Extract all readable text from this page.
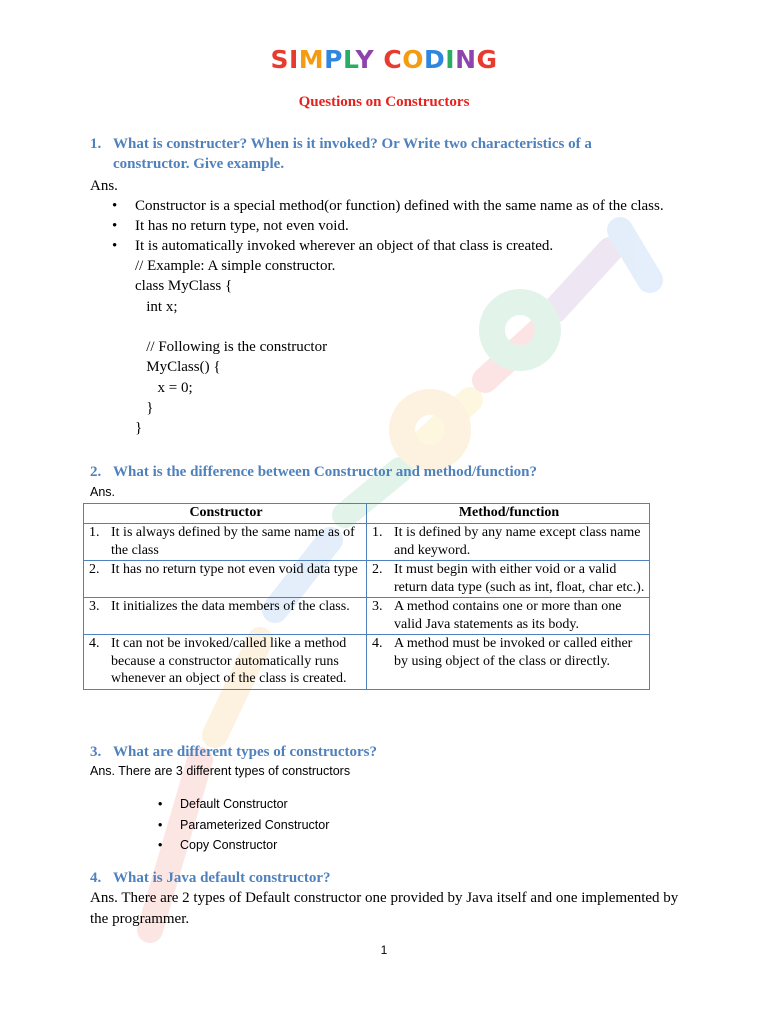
SIMPLY CODING
Questions on Constructors
1. What is constructer? When is it invoked? Or Write two characteristics of a constructor. Give example.
Ans.
• Constructor is a special method(or function) defined with the same name as of the class.
• It has no return type, not even void.
• It is automatically invoked wherever an object of that class is created.
// Example: A simple constructor.
class MyClass {
int x;

// Following is the constructor
MyClass() {
x = 0;
}
}
2. What is the difference between Constructor and method/function?
Ans.
Constructor	Method/function

1. It is always defined by the same name as of the class	1. It is defined by any name except class name and keyword.

2. It has no return type not even void data type	2. It must begin with either void or a valid return data type (such as int, float, char etc.).

3. It initializes the data members of the class.	3. A method contains one or more than one valid Java statements as its body.

4. It can not be invoked/called like a method because a constructor automatically runs whenever an object of the class is created.	4. A method must be invoked or called either by using object of the class or directly.
3. What are different types of constructors?
Ans. There are 3 different types of constructors
• Default Constructor
• Parameterized Constructor
• Copy Constructor
4. What is Java default constructor?
Ans. There are 2 types of Default constructor one provided by Java itself and one implemented by the programmer.
1
